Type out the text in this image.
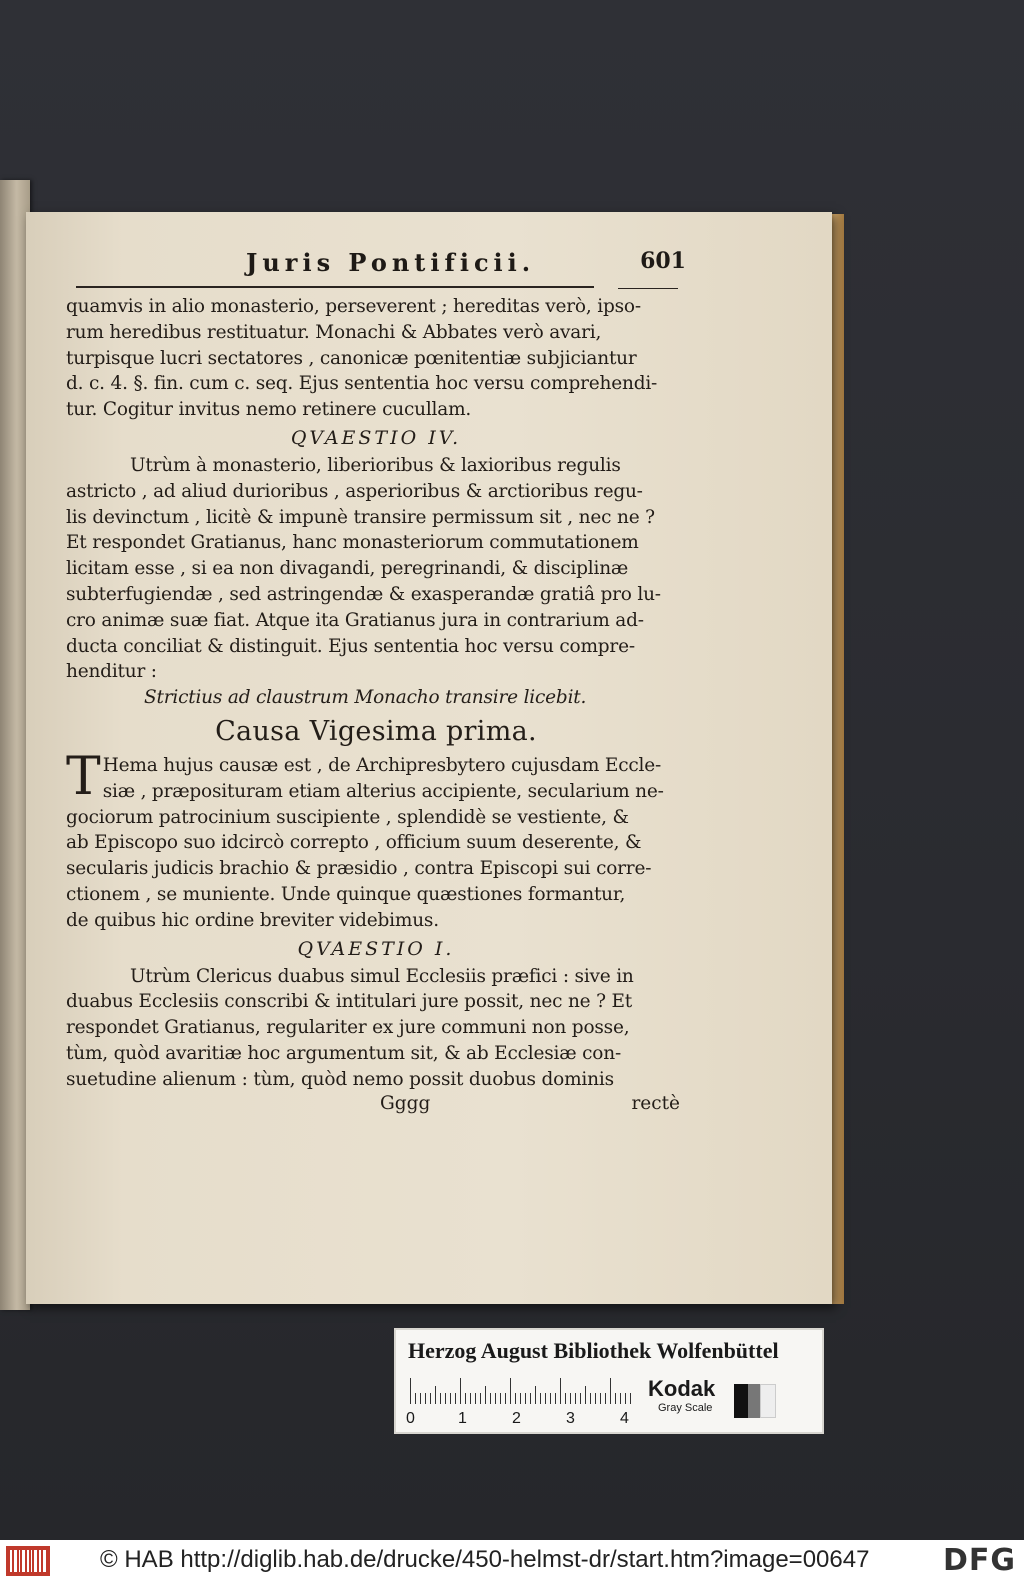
Juris Pontificii.	601
quamvis in alio monasterio, perseverent ; hereditas verò, ipso-
rum heredibus restituatur. Monachi & Abbates verò avari,
turpisque lucri sectatores , canonicæ pœnitentiæ subjiciantur
d. c. 4. §. fin. cum c. seq. Ejus sententia hoc versu comprehendi-
tur. Cogitur invitus nemo retinere cucullam.
QVAESTIO IV.
Utrùm à monasterio, liberioribus & laxioribus regulis
astricto , ad aliud durioribus , asperioribus & arctioribus regu-
lis devinctum , licitè & impunè transire permissum sit , nec ne ?
Et respondet Gratianus, hanc monasteriorum commutationem
licitam esse , si ea non divagandi, peregrinandi, & disciplinæ
subterfugiendæ , sed astringendæ & exasperandæ gratiâ pro lu-
cro animæ suæ fiat. Atque ita Gratianus jura in contrarium ad-
ducta conciliat & distinguit. Ejus sententia hoc versu compre-
henditur :
Strictius ad claustrum Monacho transire licebit.
Causa Vigesima prima.
T Hema hujus causæ est , de Archipresbytero cujusdam Eccle-
siæ , præposituram etiam alterius accipiente, secularium ne-
gociorum patrocinium suscipiente , splendidè se vestiente, &
ab Episcopo suo idcircò correpto , officium suum deserente, &
secularis judicis brachio & præsidio , contra Episcopi sui corre-
ctionem , se muniente. Unde quinque quæstiones formantur,
de quibus hic ordine breviter videbimus.
QVAESTIO I.
Utrùm Clericus duabus simul Ecclesiis præfici : sive in
duabus Ecclesiis conscribi & intitulari jure possit, nec ne ? Et
respondet Gratianus, regulariter ex jure communi non posse,
tùm, quòd avaritiæ hoc argumentum sit, & ab Ecclesiæ con-
suetudine alienum : tùm, quòd nemo possit duobus dominis
Gggg	rectè
Herzog August Bibliothek Wolfenbüttel
0	1	2	3	4
Kodak
Gray Scale
© HAB http://diglib.hab.de/drucke/450-helmst-dr/start.htm?image=00647 DFG
